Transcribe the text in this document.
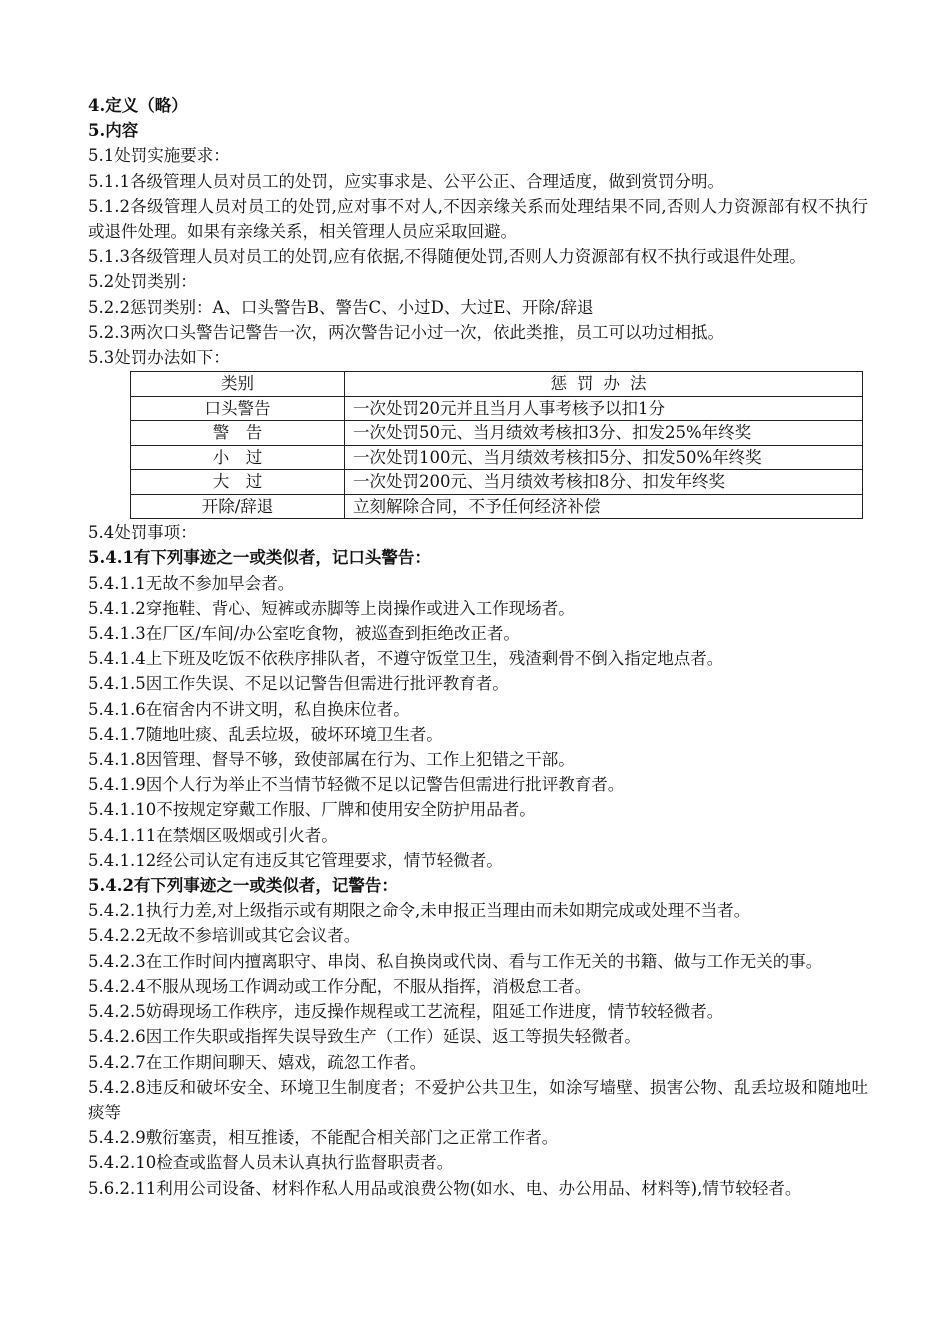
4.定义（略）
5.内容
5.1处罚实施要求：
5.1.1各级管理人员对员工的处罚，应实事求是、公平公正、合理适度，做到赏罚分明。
5.1.2各级管理人员对员工的处罚,应对事不对人,不因亲缘关系而处理结果不同,否则人力资源部有权不执行或退件处理。如果有亲缘关系，相关管理人员应采取回避。
5.1.3各级管理人员对员工的处罚,应有依据,不得随便处罚,否则人力资源部有权不执行或退件处理。
5.2处罚类别：
5.2.2惩罚类别：A、口头警告B、警告C、小过D、大过E、开除/辞退
5.2.3两次口头警告记警告一次，两次警告记小过一次，依此类推，员工可以功过相抵。
5.3处罚办法如下：
类别	惩罚办法
口头警告	一次处罚20元并且当月人事考核予以扣1分
警　告	一次处罚50元、当月绩效考核扣3分、扣发25%年终奖
小　过	一次处罚100元、当月绩效考核扣5分、扣发50%年终奖
大　过	一次处罚200元、当月绩效考核扣8分、扣发年终奖
开除/辞退	立刻解除合同，不予任何经济补偿
5.4处罚事项：
5.4.1有下列事迹之一或类似者，记口头警告：
5.4.1.1无故不参加早会者。
5.4.1.2穿拖鞋、背心、短裤或赤脚等上岗操作或进入工作现场者。
5.4.1.3在厂区/车间/办公室吃食物，被巡查到拒绝改正者。
5.4.1.4上下班及吃饭不依秩序排队者，不遵守饭堂卫生，残渣剩骨不倒入指定地点者。
5.4.1.5因工作失误、不足以记警告但需进行批评教育者。
5.4.1.6在宿舍内不讲文明，私自换床位者。
5.4.1.7随地吐痰、乱丢垃圾，破坏环境卫生者。
5.4.1.8因管理、督导不够，致使部属在行为、工作上犯错之干部。
5.4.1.9因个人行为举止不当情节轻微不足以记警告但需进行批评教育者。
5.4.1.10不按规定穿戴工作服、厂牌和使用安全防护用品者。
5.4.1.11在禁烟区吸烟或引火者。
5.4.1.12经公司认定有违反其它管理要求，情节轻微者。
5.4.2有下列事迹之一或类似者，记警告：
5.4.2.1执行力差,对上级指示或有期限之命令,未申报正当理由而未如期完成或处理不当者。
5.4.2.2无故不参培训或其它会议者。
5.4.2.3在工作时间内擅离职守、串岗、私自换岗或代岗、看与工作无关的书籍、做与工作无关的事。
5.4.2.4不服从现场工作调动或工作分配，不服从指挥，消极怠工者。
5.4.2.5妨碍现场工作秩序，违反操作规程或工艺流程，阻延工作进度，情节较轻微者。
5.4.2.6因工作失职或指挥失误导致生产（工作）延误、返工等损失轻微者。
5.4.2.7在工作期间聊天、嬉戏，疏忽工作者。
5.4.2.8违反和破坏安全、环境卫生制度者；不爱护公共卫生，如涂写墙壁、损害公物、乱丢垃圾和随地吐痰等
5.4.2.9敷衍塞责，相互推诿，不能配合相关部门之正常工作者。
5.4.2.10检查或监督人员未认真执行监督职责者。
5.6.2.11利用公司设备、材料作私人用品或浪费公物(如水、电、办公用品、材料等),情节较轻者。
